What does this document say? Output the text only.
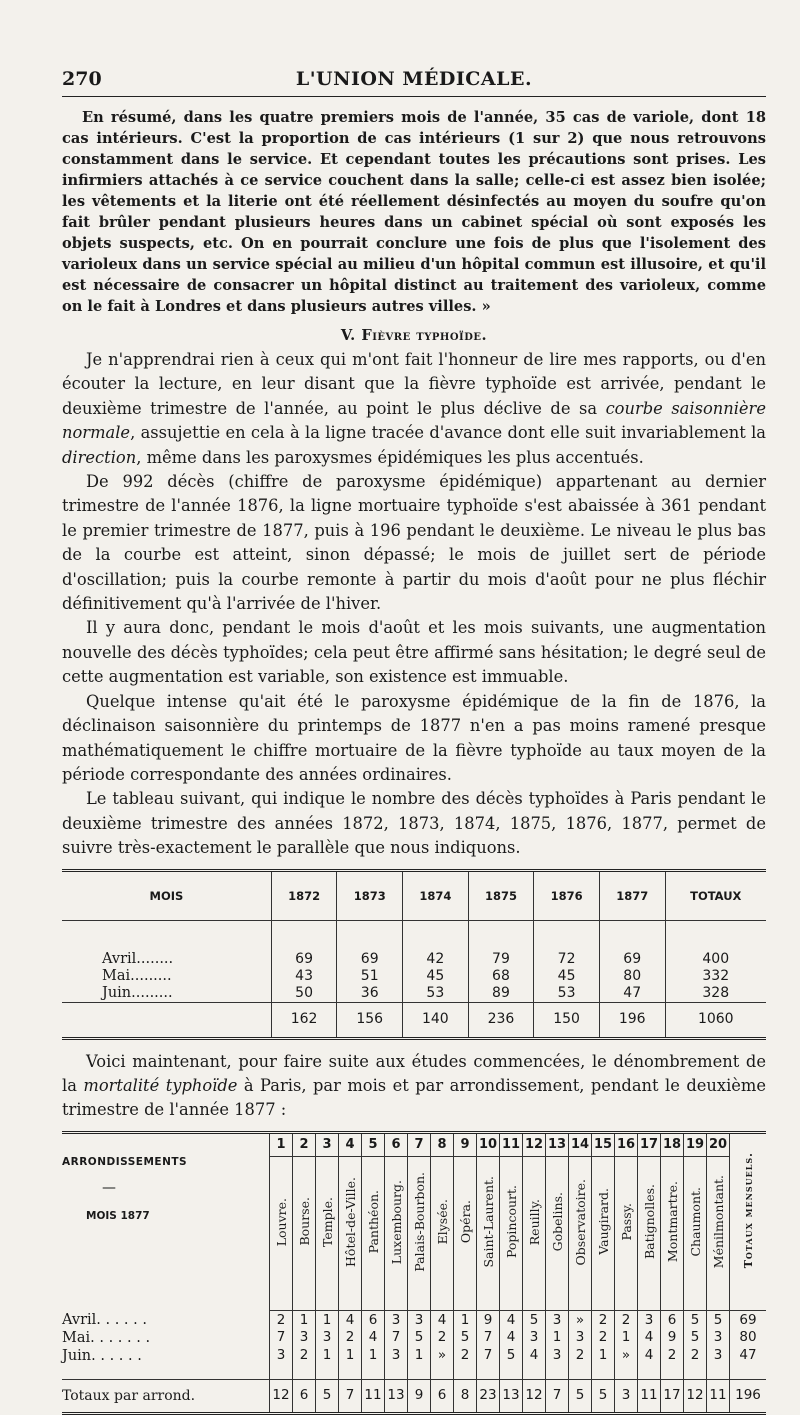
270	L'UNION MÉDICALE.

En résumé, dans les quatre premiers mois de l'année, 35 cas de variole, dont 18 cas intérieurs. C'est la proportion de cas intérieurs (1 sur 2) que nous retrouvons constamment dans le service. Et cependant toutes les précautions sont prises. Les infirmiers attachés à ce service couchent dans la salle; celle-ci est assez bien isolée; les vêtements et la literie ont été réellement désinfectés au moyen du soufre qu'on fait brûler pendant plusieurs heures dans un cabinet spécial où sont exposés les objets suspects, etc. On en pourrait conclure une fois de plus que l'isolement des varioleux dans un service spécial au milieu d'un hôpital commun est illusoire, et qu'il est nécessaire de consacrer un hôpital distinct au traitement des varioleux, comme on le fait à Londres et dans plusieurs autres villes. »

V. Fièvre typhoïde.

Je n'apprendrai rien à ceux qui m'ont fait l'honneur de lire mes rapports, ou d'en écouter la lecture, en leur disant que la fièvre typhoïde est arrivée, pendant le deuxième trimestre de l'année, au point le plus déclive de sa courbe saisonnière normale, assujettie en cela à la ligne tracée d'avance dont elle suit invariablement la direction, même dans les paroxysmes épidémiques les plus accentués.

De 992 décès (chiffre de paroxysme épidémique) appartenant au dernier trimestre de l'année 1876, la ligne mortuaire typhoïde s'est abaissée à 361 pendant le premier trimestre de 1877, puis à 196 pendant le deuxième. Le niveau le plus bas de la courbe est atteint, sinon dépassé; le mois de juillet sert de période d'oscillation; puis la courbe remonte à partir du mois d'août pour ne plus fléchir définitivement qu'à l'arrivée de l'hiver.

Il y aura donc, pendant le mois d'août et les mois suivants, une augmentation nouvelle des décès typhoïdes; cela peut être affirmé sans hésitation; le degré seul de cette augmentation est variable, son existence est immuable.

Quelque intense qu'ait été le paroxysme épidémique de la fin de 1876, la déclinaison saisonnière du printemps de 1877 n'en a pas moins ramené presque mathématiquement le chiffre mortuaire de la fièvre typhoïde au taux moyen de la période correspondante des années ordinaires.

Le tableau suivant, qui indique le nombre des décès typhoïdes à Paris pendant le deuxième trimestre des années 1872, 1873, 1874, 1875, 1876, 1877, permet de suivre très-exactement le parallèle que nous indiquons.

MOIS	1872	1873	1874	1875	1876	1877	TOTAUX

Avril........	69	69	42	79	72	69	400
Mai.........	43	51	45	68	45	80	332
Juin.........	50	36	53	89	53	47	328
	162	156	140	236	150	196	1060

Voici maintenant, pour faire suite aux études commencées, le dénombrement de la mortalité typhoïde à Paris, par mois et par arrondissement, pendant le deuxième trimestre de l'année 1877 :

ARRONDISSEMENTS
—
MOIS 1877	1	2	3	4	5	6	7	8	9	10	11	12	13	14	15	16	17	18	19	20	Totaux mensuels.

	Louvre.	Bourse.	Temple.	Hôtel-de-Ville.	Panthéon.	Luxembourg.	Palais-Bourbon.	Elysée.	Opéra.	Saint-Laurent.	Popincourt.	Reuilly.	Gobelins.	Observatoire.	Vaugirard.	Passy.	Batignolles.	Montmartre.	Chaumont.	Ménilmontant.	

Avril. . . . . .	2	1	1	4	6	3	3	4	1	9	4	5	3	»	2	2	3	6	5	5	69
Mai. . . . . . .	7	3	3	2	4	7	5	2	5	7	4	3	1	3	2	1	4	9	5	3	80
Juin. . . . . .	3	2	1	1	1	3	1	»	2	7	5	4	3	2	1	»	4	2	2	3	47

Totaux par arrond.	12	6	5	7	11	13	9	6	8	23	13	12	7	5	5	3	11	17	12	11	196
